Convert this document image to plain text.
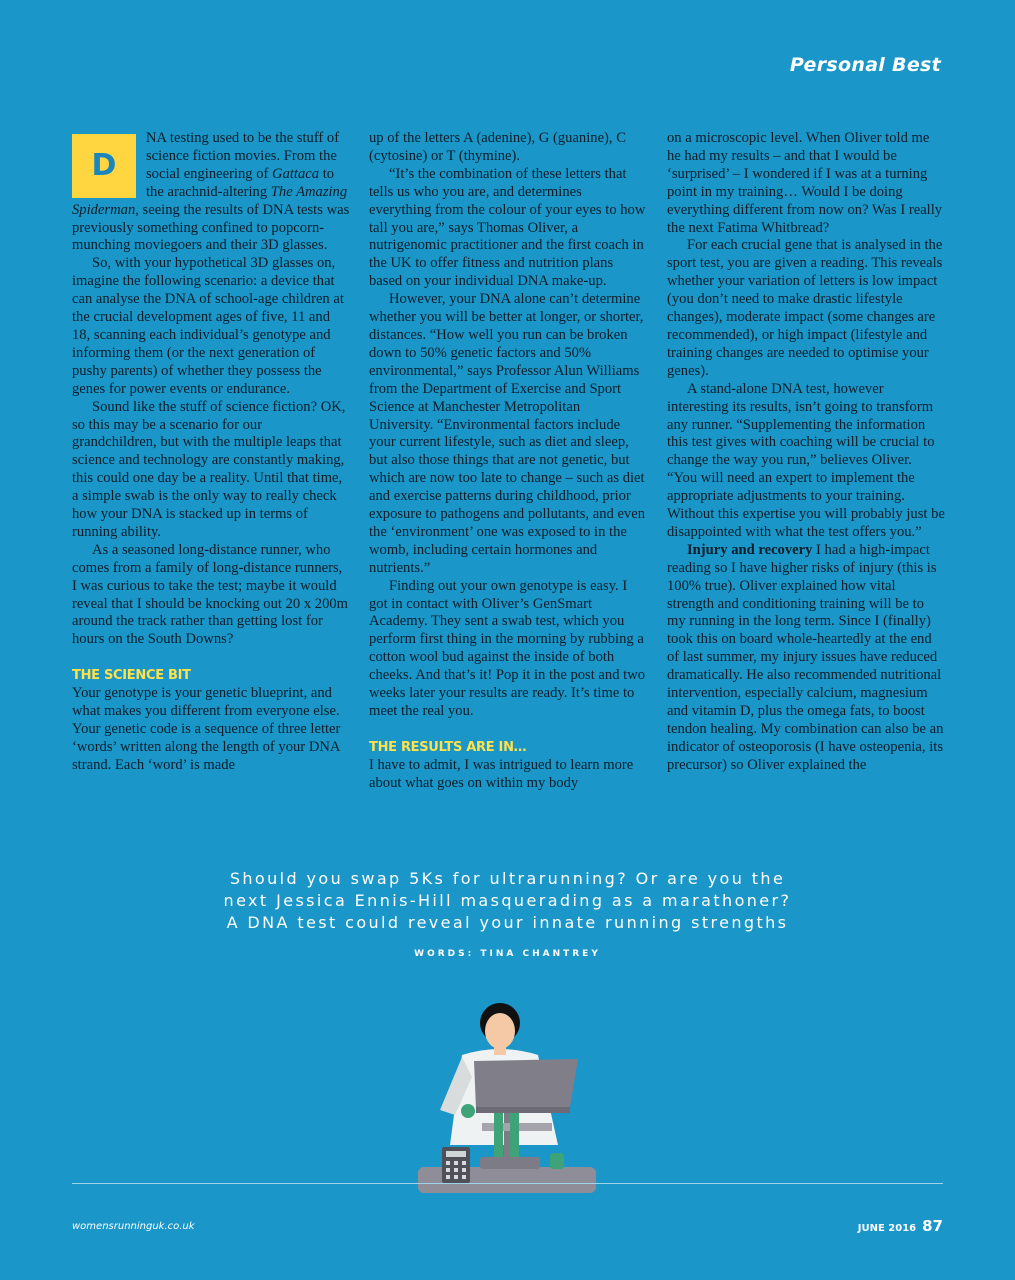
Personal Best
D

NA testing used to be the stuff of science fiction movies. From the social engineering of Gattaca to the arachnid-altering The Amazing Spiderman, seeing the results of DNA tests was previously something confined to popcorn-munching moviegoers and their 3D glasses.

So, with your hypothetical 3D glasses on, imagine the following scenario: a device that can analyse the DNA of school-age children at the crucial development ages of five, 11 and 18, scanning each individual’s genotype and informing them (or the next generation of pushy parents) of whether they possess the genes for power events or endurance.

Sound like the stuff of science fiction? OK, so this may be a scenario for our grandchildren, but with the multiple leaps that science and technology are constantly making, this could one day be a reality. Until that time, a simple swab is the only way to really check how your DNA is stacked up in terms of running ability.

As a seasoned long-distance runner, who comes from a family of long-distance runners, I was curious to take the test; maybe it would reveal that I should be knocking out 20 x 200m around the track rather than getting lost for hours on the South Downs?

THE SCIENCE BIT

Your genotype is your genetic blueprint, and what makes you different from everyone else. Your genetic code is a sequence of three letter ‘words’ written along the length of your DNA strand. Each ‘word’ is made

up of the letters A (adenine), G (guanine), C (cytosine) or T (thymine).

“It’s the combination of these letters that tells us who you are, and determines everything from the colour of your eyes to how tall you are,” says Thomas Oliver, a nutrigenomic practitioner and the first coach in the UK to offer fitness and nutrition plans based on your individual DNA make-up.

However, your DNA alone can’t determine whether you will be better at longer, or shorter, distances. “How well you run can be broken down to 50% genetic factors and 50% environmental,” says Professor Alun Williams from the Department of Exercise and Sport Science at Manchester Metropolitan University. “Environmental factors include your current lifestyle, such as diet and sleep, but also those things that are not genetic, but which are now too late to change – such as diet and exercise patterns during childhood, prior exposure to pathogens and pollutants, and even the ‘environment’ one was exposed to in the womb, including certain hormones and nutrients.”

Finding out your own genotype is easy. I got in contact with Oliver’s GenSmart Academy. They sent a swab test, which you perform first thing in the morning by rubbing a cotton wool bud against the inside of both cheeks. And that’s it! Pop it in the post and two weeks later your results are ready. It’s time to meet the real you.

THE RESULTS ARE IN…

I have to admit, I was intrigued to learn more about what goes on within my body

on a microscopic level. When Oliver told me he had my results – and that I would be ‘surprised’ – I wondered if I was at a turning point in my training… Would I be doing everything different from now on? Was I really the next Fatima Whitbread?

For each crucial gene that is analysed in the sport test, you are given a reading. This reveals whether your variation of letters is low impact (you don’t need to make drastic lifestyle changes), moderate impact (some changes are recommended), or high impact (lifestyle and training changes are needed to optimise your genes).

A stand-alone DNA test, however interesting its results, isn’t going to transform any runner. “Supplementing the information this test gives with coaching will be crucial to change the way you run,” believes Oliver. “You will need an expert to implement the appropriate adjustments to your training. Without this expertise you will probably just be disappointed with what the test offers you.”

Injury and recovery I had a high-impact reading so I have higher risks of injury (this is 100% true). Oliver explained how vital strength and conditioning training will be to my running in the long term. Since I (finally) took this on board whole-heartedly at the end of last summer, my injury issues have reduced dramatically. He also recommended nutritional intervention, especially calcium, magnesium and vitamin D, plus the omega fats, to boost tendon healing. My combination can also be an indicator of osteoporosis (I have osteopenia, its precursor) so Oliver explained the

Should you swap 5Ks for ultrarunning? Or are you the
next Jessica Ennis-Hill masquerading as a marathoner?
A DNA test could reveal your innate running strengths
WORDS: TINA CHANTREY
womensrunninguk.co.uk	JUNE 2016 87
